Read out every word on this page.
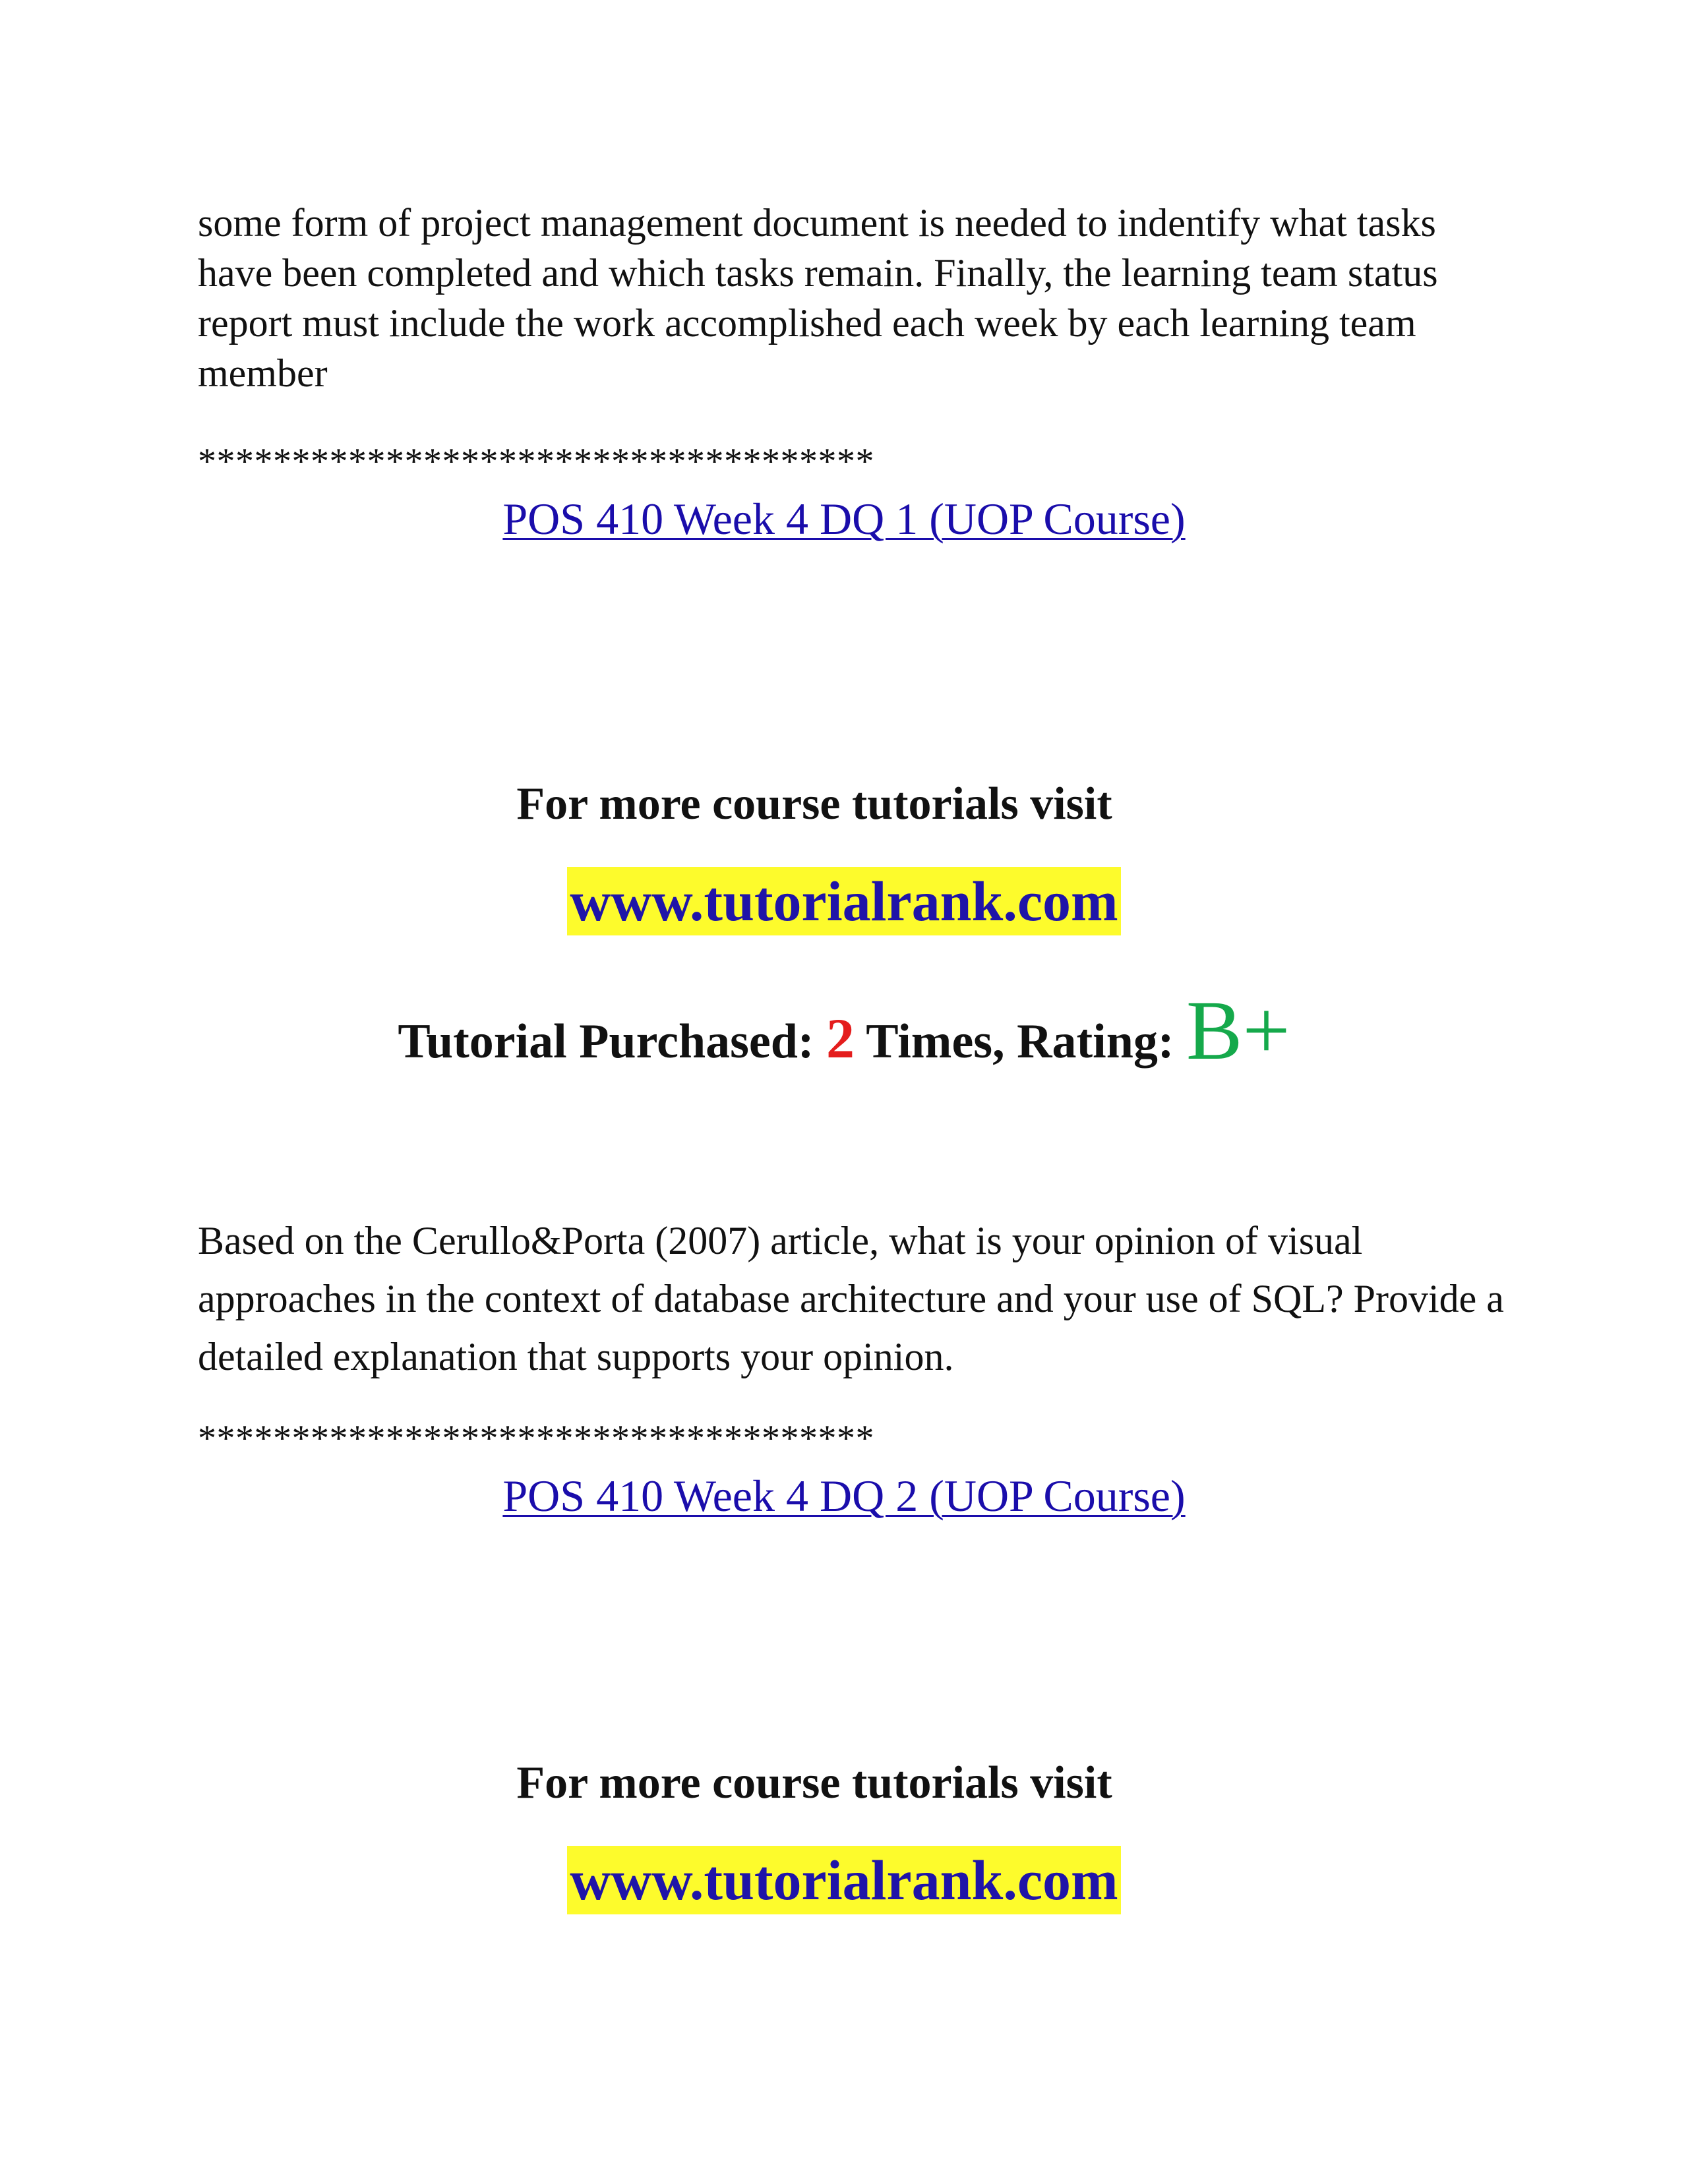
some form of project management document is needed to indentify what tasks have been completed and which tasks remain. Finally, the learning team status report must include the work accomplished each week by each learning team member

************************************
POS 410 Week 4 DQ 1 (UOP Course)
For more course tutorials visit
www.tutorialrank.com
Tutorial Purchased: 2 Times, Rating: B+

Based on the Cerullo&Porta (2007) article, what is your opinion of visual approaches in the context of database architecture and your use of SQL? Provide a detailed explanation that supports your opinion.

************************************
POS 410 Week 4 DQ 2 (UOP Course)
For more course tutorials visit
www.tutorialrank.com
